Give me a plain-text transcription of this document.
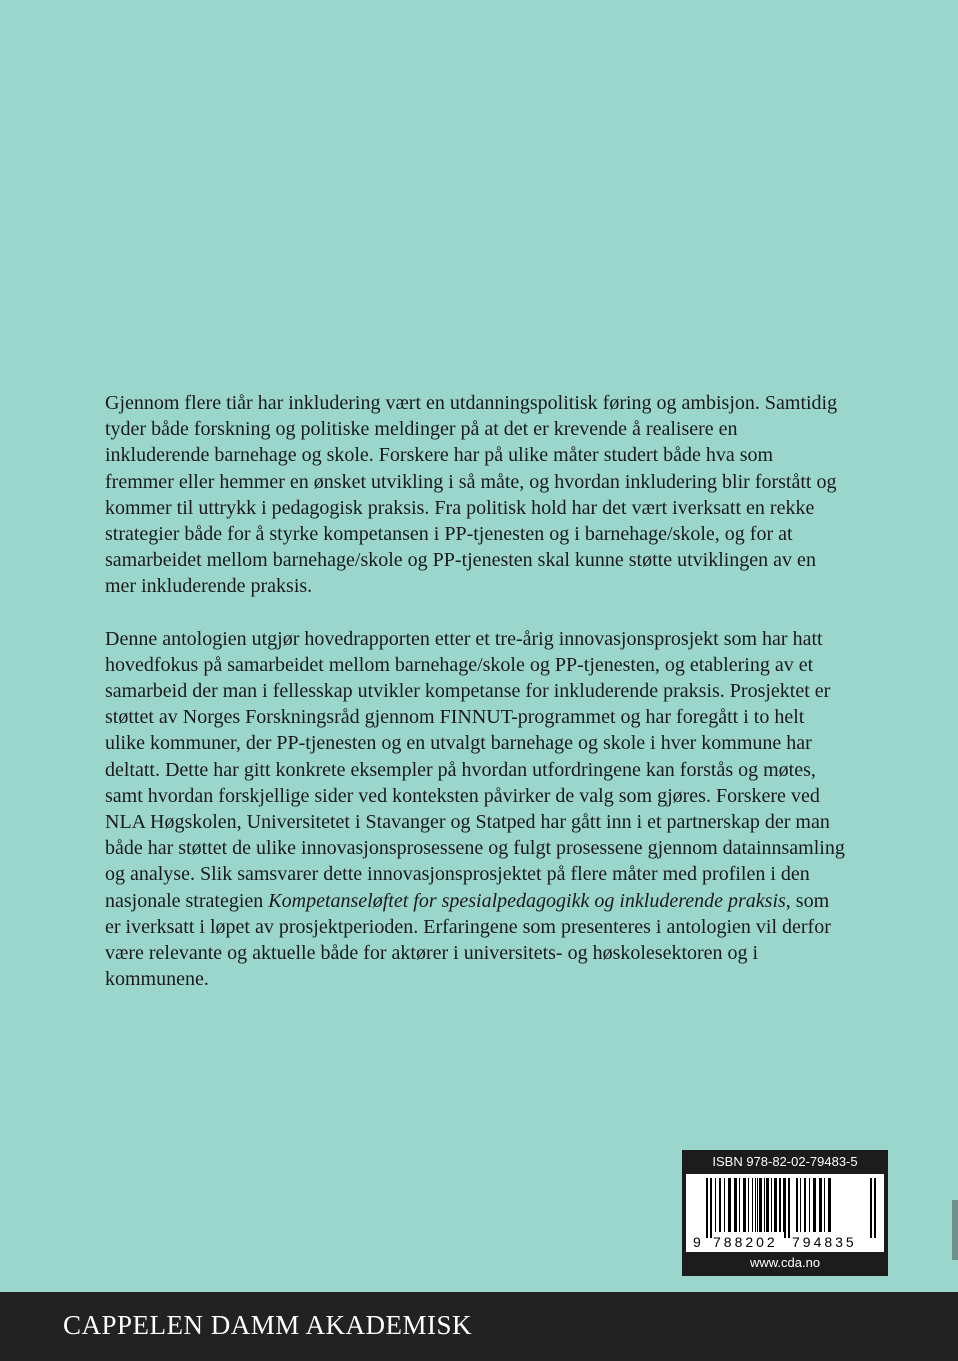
Gjennom flere tiår har inkludering vært en utdanningspolitisk føring og ambisjon. Samtidig tyder både forskning og politiske meldinger på at det er krevende å realisere en inkluderende barnehage og skole. Forskere har på ulike måter studert både hva som fremmer eller hemmer en ønsket utvikling i så måte, og hvordan inkludering blir forstått og kommer til uttrykk i pedagogisk praksis. Fra politisk hold har det vært iverksatt en rekke strategier både for å styrke kompetansen i PP-tjenesten og i barnehage/skole, og for at samarbeidet mellom barnehage/skole og PP-tjenesten skal kunne støtte utviklingen av en mer inkluderende praksis.

Denne antologien utgjør hovedrapporten etter et tre-årig innovasjonsprosjekt som har hatt hovedfokus på samarbeidet mellom barnehage/skole og PP-tjenesten, og etablering av et samarbeid der man i fellesskap utvikler kompetanse for inkluderende praksis. Prosjektet er støttet av Norges Forskningsråd gjennom FINNUT-programmet og har foregått i to helt ulike kommuner, der PP-tjenesten og en utvalgt barnehage og skole i hver kommune har deltatt. Dette har gitt konkrete eksempler på hvordan utfordringene kan forstås og møtes, samt hvordan forskjellige sider ved konteksten påvirker de valg som gjøres. Forskere ved NLA Høgskolen, Universitetet i Stavanger og Statped har gått inn i et partnerskap der man både har støttet de ulike innovasjonsprosessene og fulgt prosessene gjennom datainnsamling og analyse. Slik samsvarer dette innovasjonsprosjektet på flere måter med profilen i den nasjonale strategien Kompetanseløftet for spesialpedagogikk og inkluderende praksis, som er iverksatt i løpet av prosjektperioden. Erfaringene som presenteres i antologien vil derfor være relevante og aktuelle både for aktører i universitets- og høskolesektoren og i kommunene.

ISBN 978-82-02-79483-5
9 788202 794835
www.cda.no
CAPPELEN DAMM AKADEMISK
